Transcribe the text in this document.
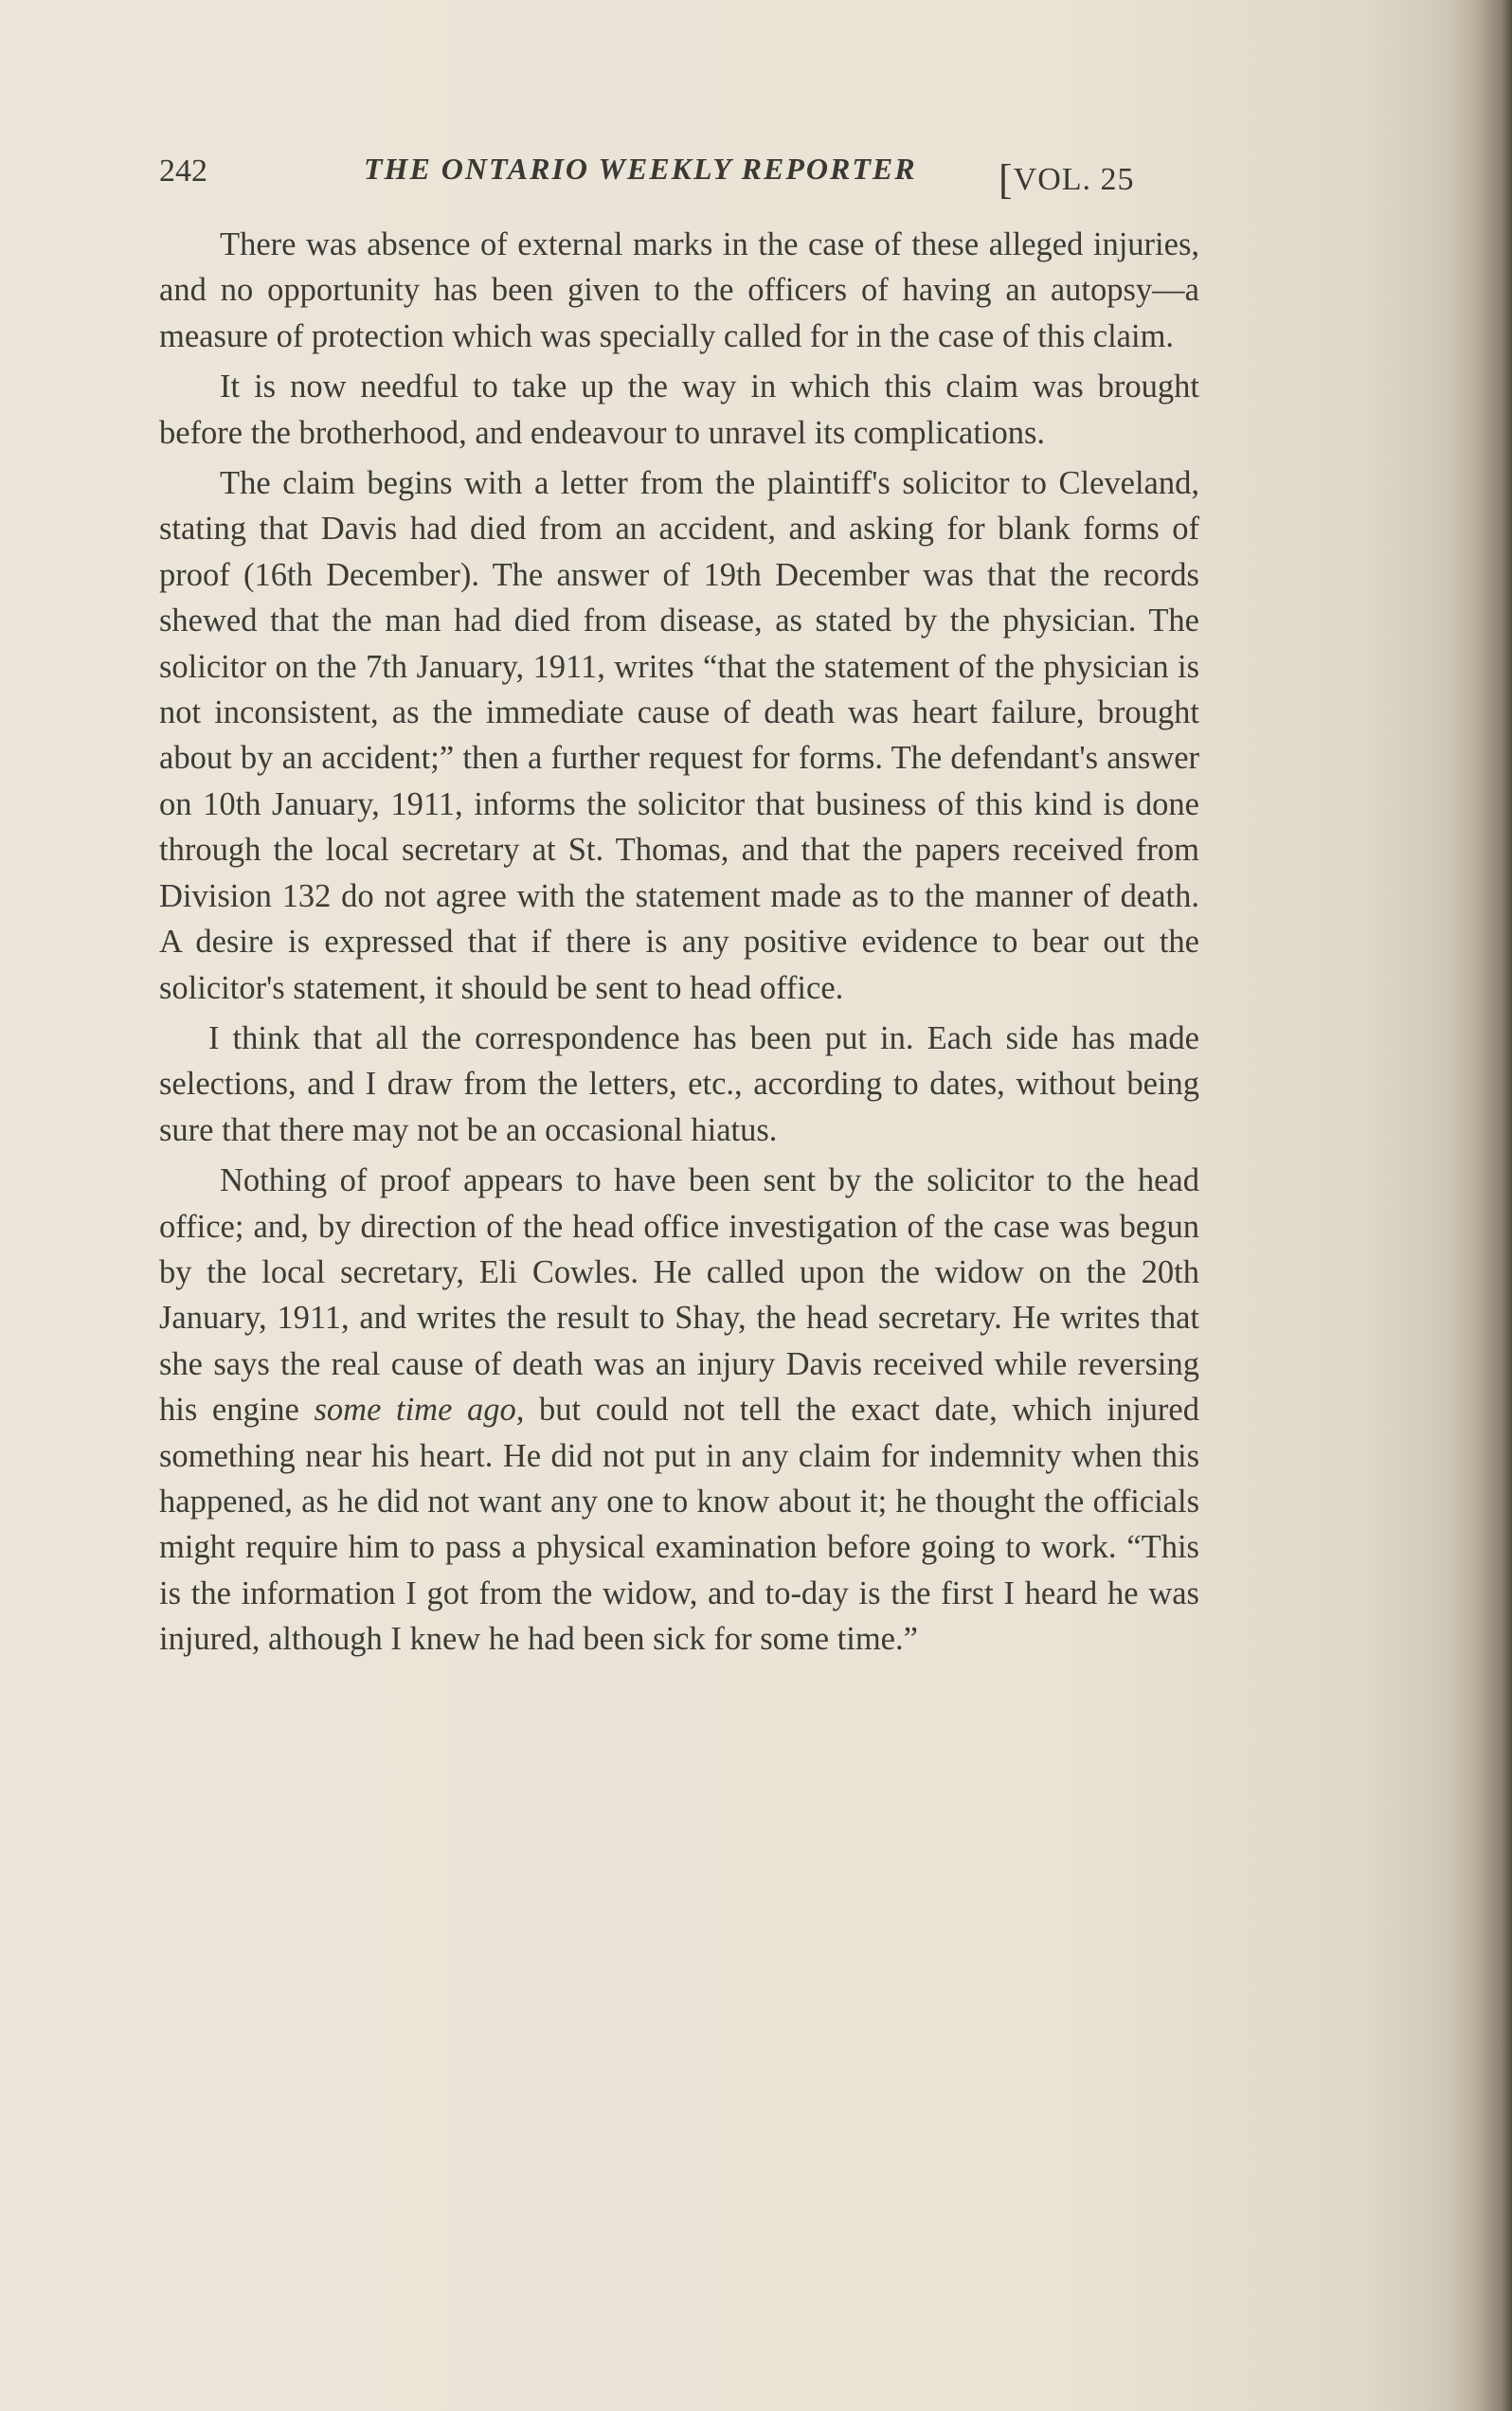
242	THE ONTARIO WEEKLY REPORTER [VOL. 25

There was absence of external marks in the case of these alleged injuries, and no opportunity has been given to the officers of having an autopsy—a measure of protection which was specially called for in the case of this claim.

It is now needful to take up the way in which this claim was brought before the brotherhood, and endeavour to unravel its complications.

The claim begins with a letter from the plaintiff's solicitor to Cleveland, stating that Davis had died from an accident, and asking for blank forms of proof (16th December). The answer of 19th December was that the records shewed that the man had died from disease, as stated by the physician. The solicitor on the 7th January, 1911, writes “that the statement of the physician is not inconsistent, as the immediate cause of death was heart failure, brought about by an accident;” then a further request for forms. The defendant's answer on 10th January, 1911, informs the solicitor that business of this kind is done through the local secretary at St. Thomas, and that the papers received from Division 132 do not agree with the statement made as to the manner of death. A desire is expressed that if there is any positive evidence to bear out the solicitor's statement, it should be sent to head office.

I think that all the correspondence has been put in. Each side has made selections, and I draw from the letters, etc., according to dates, without being sure that there may not be an occasional hiatus.

Nothing of proof appears to have been sent by the solicitor to the head office; and, by direction of the head office investigation of the case was begun by the local secretary, Eli Cowles. He called upon the widow on the 20th January, 1911, and writes the result to Shay, the head secretary. He writes that she says the real cause of death was an injury Davis received while reversing his engine some time ago, but could not tell the exact date, which injured something near his heart. He did not put in any claim for indemnity when this happened, as he did not want any one to know about it; he thought the officials might require him to pass a physical examination before going to work. “This is the information I got from the widow, and to-day is the first I heard he was injured, although I knew he had been sick for some time.”
